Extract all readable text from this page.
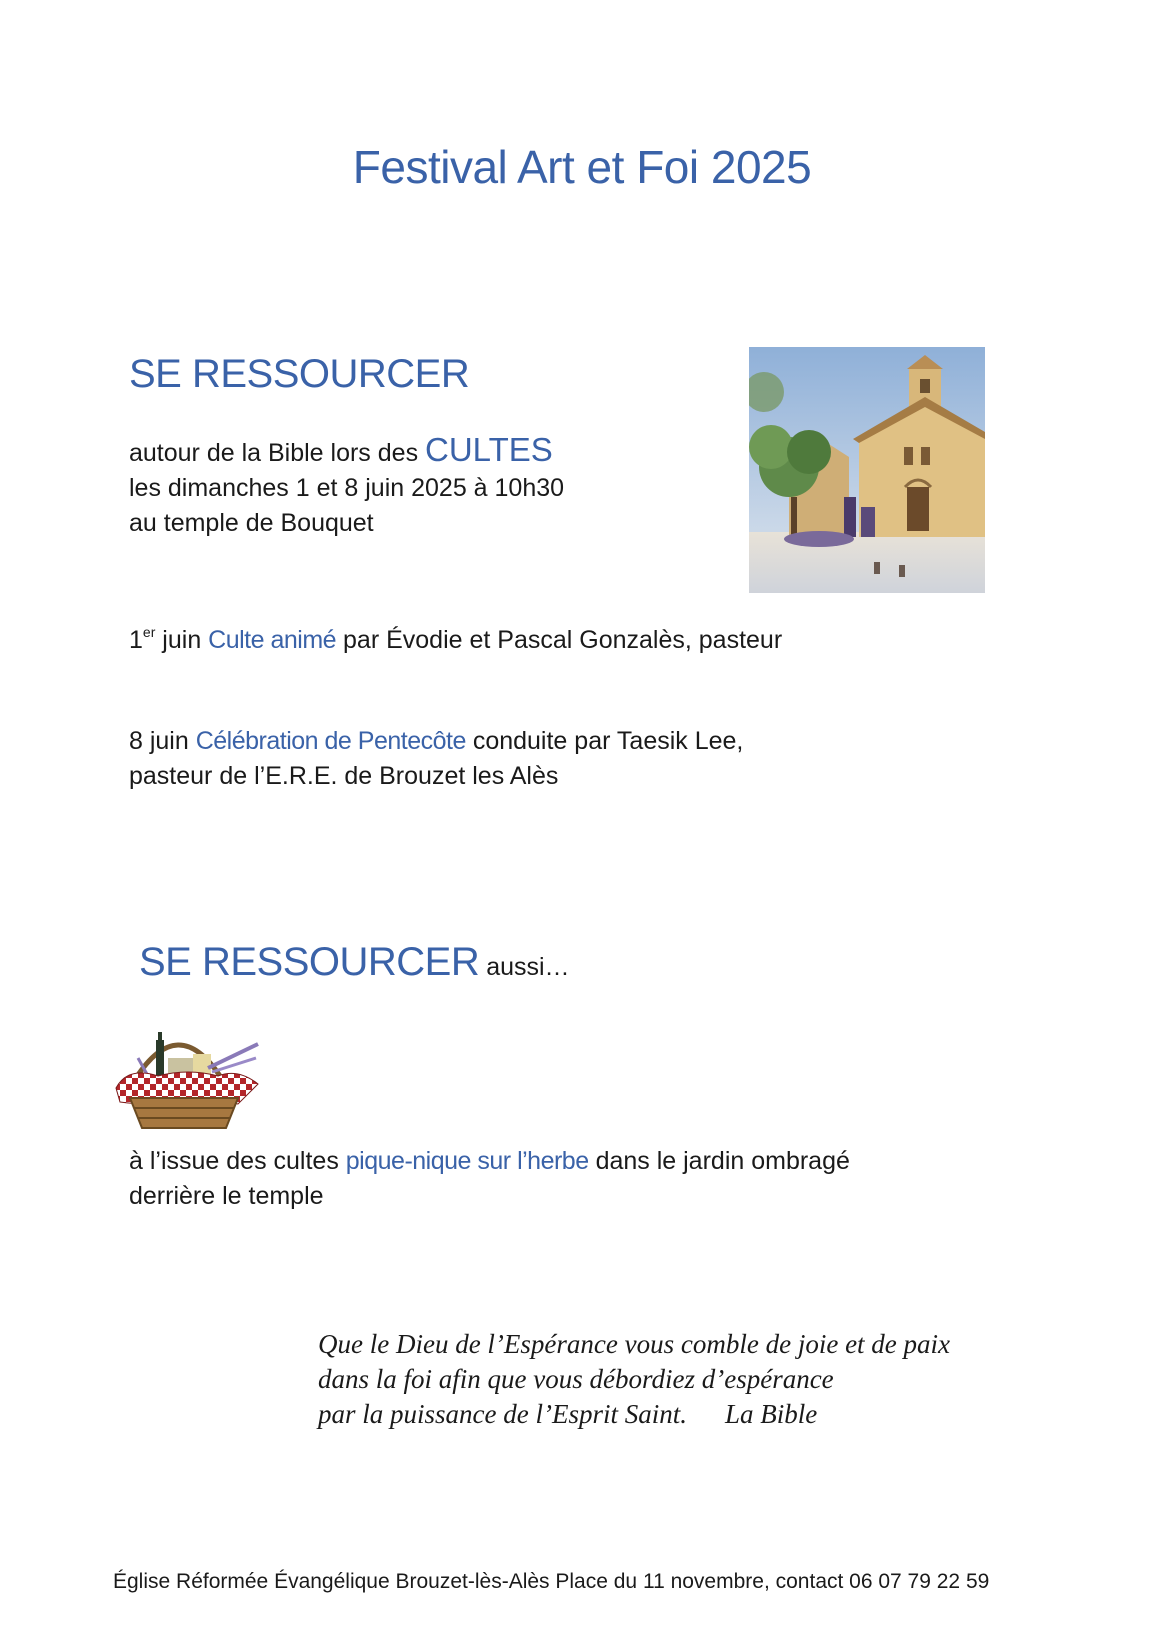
Festival Art et Foi 2025
SE RESSOURCER
autour de la Bible lors des CULTES
les dimanches 1 et 8 juin 2025 à 10h30
au temple de Bouquet
1er juin Culte animé par Évodie et Pascal Gonzalès, pasteur
8 juin Célébration de Pentecôte conduite par Taesik Lee,
pasteur de l’E.R.E. de Brouzet les Alès
SE RESSOURCER aussi…
à l’issue des cultes pique-nique sur l’herbe dans le jardin ombragé
derrière le temple
Que le Dieu de l’Espérance vous comble de joie et de paix
dans la foi afin que vous débordiez d’espérance
par la puissance de l’Esprit Saint. La Bible
Église Réformée Évangélique Brouzet-lès-Alès Place du 11 novembre, contact 06 07 79 22 59
